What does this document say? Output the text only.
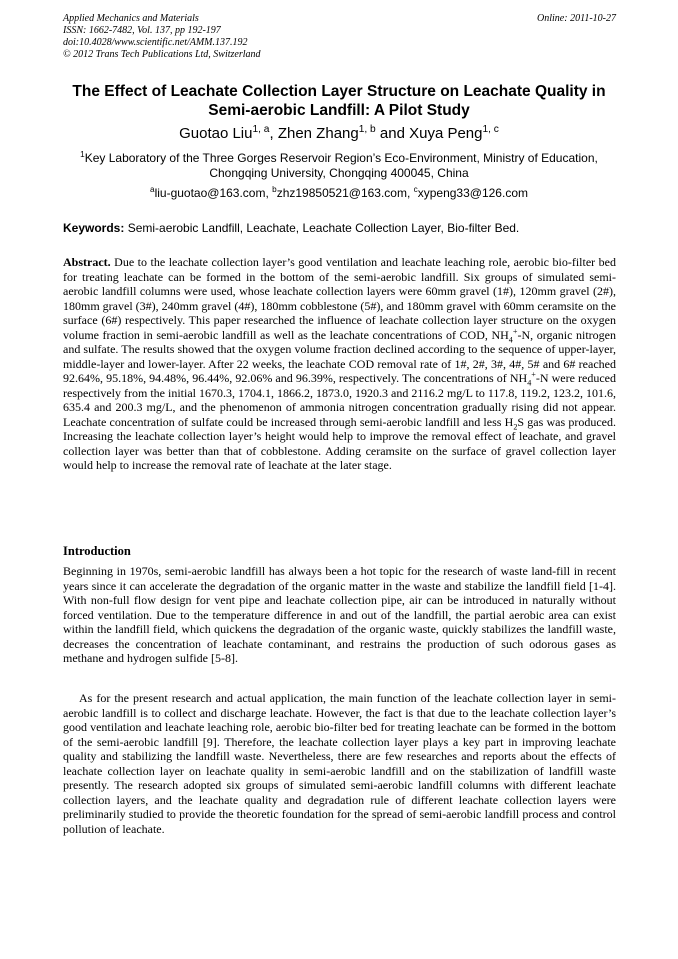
Applied Mechanics and Materials
ISSN: 1662-7482, Vol. 137, pp 192-197
doi:10.4028/www.scientific.net/AMM.137.192
© 2012 Trans Tech Publications Ltd, Switzerland
Online: 2011-10-27
The Effect of Leachate Collection Layer Structure on Leachate Quality in Semi-aerobic Landfill: A Pilot Study
Guotao Liu$^{1, a}$, Zhen Zhang$^{1, b}$ and Xuya Peng$^{1, c}$
$^1$Key Laboratory of the Three Gorges Reservoir Region’s Eco-Environment, Ministry of Education, Chongqing University, Chongqing 400045, China
$^a$liu-guotao@163.com, $^b$zhz19850521@163.com, $^c$xypeng33@126.com
Keywords: Semi-aerobic Landfill, Leachate, Leachate Collection Layer, Bio-filter Bed.
Abstract. Due to the leachate collection layer’s good ventilation and leachate leaching role, aerobic bio-filter bed for treating leachate can be formed in the bottom of the semi-aerobic landfill. Six groups of simulated semi-aerobic landfill columns were used, whose leachate collection layers were 60mm gravel (1#), 120mm gravel (2#), 180mm gravel (3#), 240mm gravel (4#), 180mm cobblestone (5#), and 180mm gravel with 60mm ceramsite on the surface (6#) respectively. This paper researched the influence of leachate collection layer structure on the oxygen volume fraction in semi-aerobic landfill as well as the leachate concentrations of COD, $NH_4^+-N$, organic nitrogen and sulfate. The results showed that the oxygen volume fraction declined according to the sequence of upper-layer, middle-layer and lower-layer. After 22 weeks, the leachate COD removal rate of 1#, 2#, 3#, 4#, 5# and 6# reached 92.64%, 95.18%, 94.48%, 96.44%, 92.06% and 96.39%, respectively. The concentrations of $NH_4^+-N$ were reduced respectively from the initial 1670.3, 1704.1, 1866.2, 1873.0, 1920.3 and 2116.2 mg/L to 117.8, 119.2, 123.2, 101.6, 635.4 and 200.3 mg/L, and the phenomenon of ammonia nitrogen concentration gradually rising did not appear. Leachate concentration of sulfate could be increased through semi-aerobic landfill and less $H_2S$ gas was produced. Increasing the leachate collection layer’s height would help to improve the removal effect of leachate, and gravel collection layer was better than that of cobblestone. Adding ceramsite on the surface of gravel collection layer would help to increase the removal rate of leachate at the later stage.
Introduction
Beginning in 1970s, semi-aerobic landfill has always been a hot topic for the research of waste land-fill in recent years since it can accelerate the degradation of the organic matter in the waste and stabilize the landfill field [1-4]. With non-full flow design for vent pipe and leachate collection pipe, air can be introduced in naturally without forced ventilation. Due to the temperature difference in and out of the landfill, the partial aerobic area can exist within the landfill field, which quickens the degradation of the organic waste, quickly stabilizes the landfill waste, decreases the concentration of leachate contaminant, and restrains the production of such odorous gases as methane and hydrogen sulfide [5-8].
As for the present research and actual application, the main function of the leachate collection layer in semi-aerobic landfill is to collect and discharge leachate. However, the fact is that due to the leachate collection layer’s good ventilation and leachate leaching role, aerobic bio-filter bed for treating leachate can be formed in the bottom of the semi-aerobic landfill [9]. Therefore, the leachate collection layer plays a key part in improving leachate quality and stabilizing the landfill waste. Nevertheless, there are few researches and reports about the effects of leachate collection layer on leachate quality in semi-aerobic landfill and on the stabilization of landfill waste presently. The research adopted six groups of simulated semi-aerobic landfill columns with different leachate collection layers, and the leachate quality and degradation rule of different leachate collection layers were preliminarily studied to provide the theoretic foundation for the spread of semi-aerobic landfill process and control pollution of leachate.
